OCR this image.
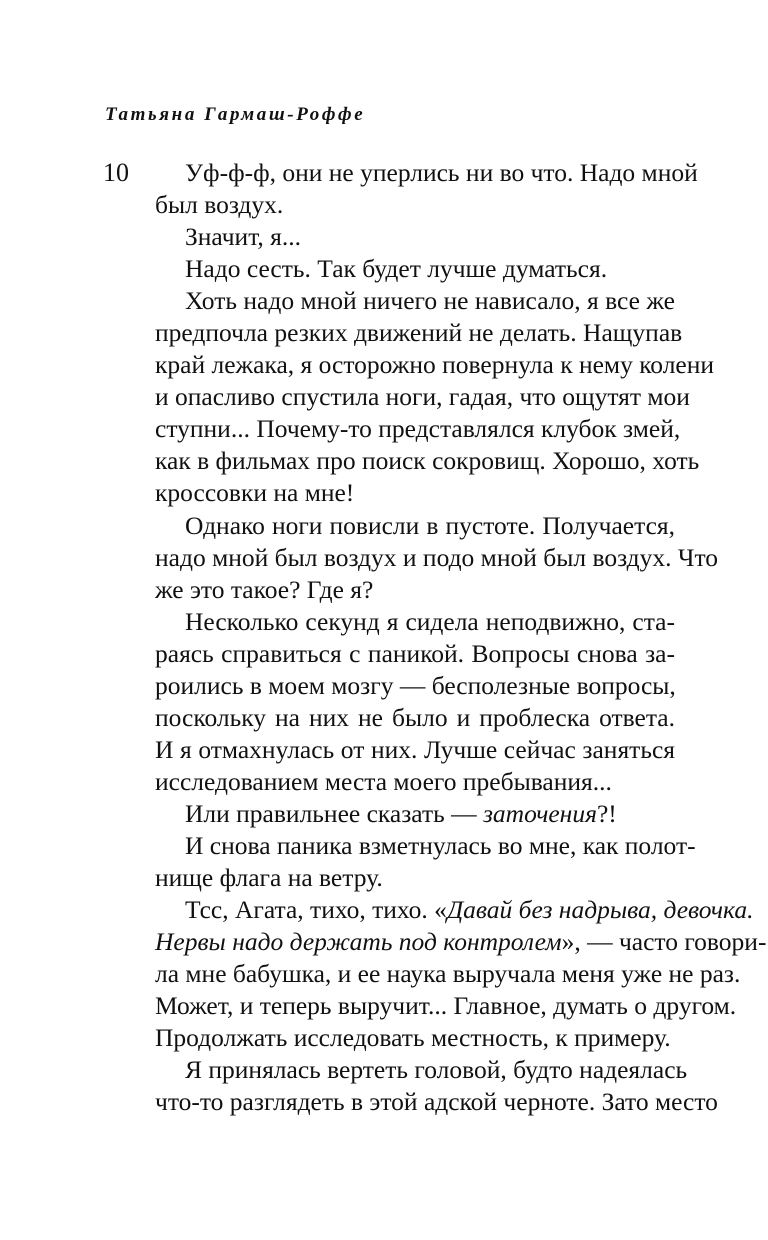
Татьяна Гармаш-Роффе
10	Уф-ф-ф, они не уперлись ни во что. Надо мной
был воздух.
Значит, я...
Надо сесть. Так будет лучше думаться.
Хоть надо мной ничего не нависало, я все же
предпочла резких движений не делать. Нащупав
край лежака, я осторожно повернула к нему колени
и опасливо спустила ноги, гадая, что ощутят мои
ступни... Почему-то представлялся клубок змей,
как в фильмах про поиск сокровищ. Хорошо, хоть
кроссовки на мне!
Однако ноги повисли в пустоте. Получается,
надо мной был воздух и подо мной был воздух. Что
же это такое? Где я?
Несколько секунд я сидела неподвижно, ста-
раясь справиться с паникой. Вопросы снова за-
роились в моем мозгу — бесполезные вопросы,
поскольку на них не было и проблеска ответа.
И я отмахнулась от них. Лучше сейчас заняться
исследованием места моего пребывания...
Или правильнее сказать — заточения?!
И снова паника взметнулась во мне, как полот-
нище флага на ветру.
Тсс, Агата, тихо, тихо. «Давай без надрыва, девочка.
Нервы надо держать под контролем», — часто говори-
ла мне бабушка, и ее наука выручала меня уже не раз.
Может, и теперь выручит... Главное, думать о другом.
Продолжать исследовать местность, к примеру.
Я принялась вертеть головой, будто надеялась
что-то разглядеть в этой адской черноте. Зато место
